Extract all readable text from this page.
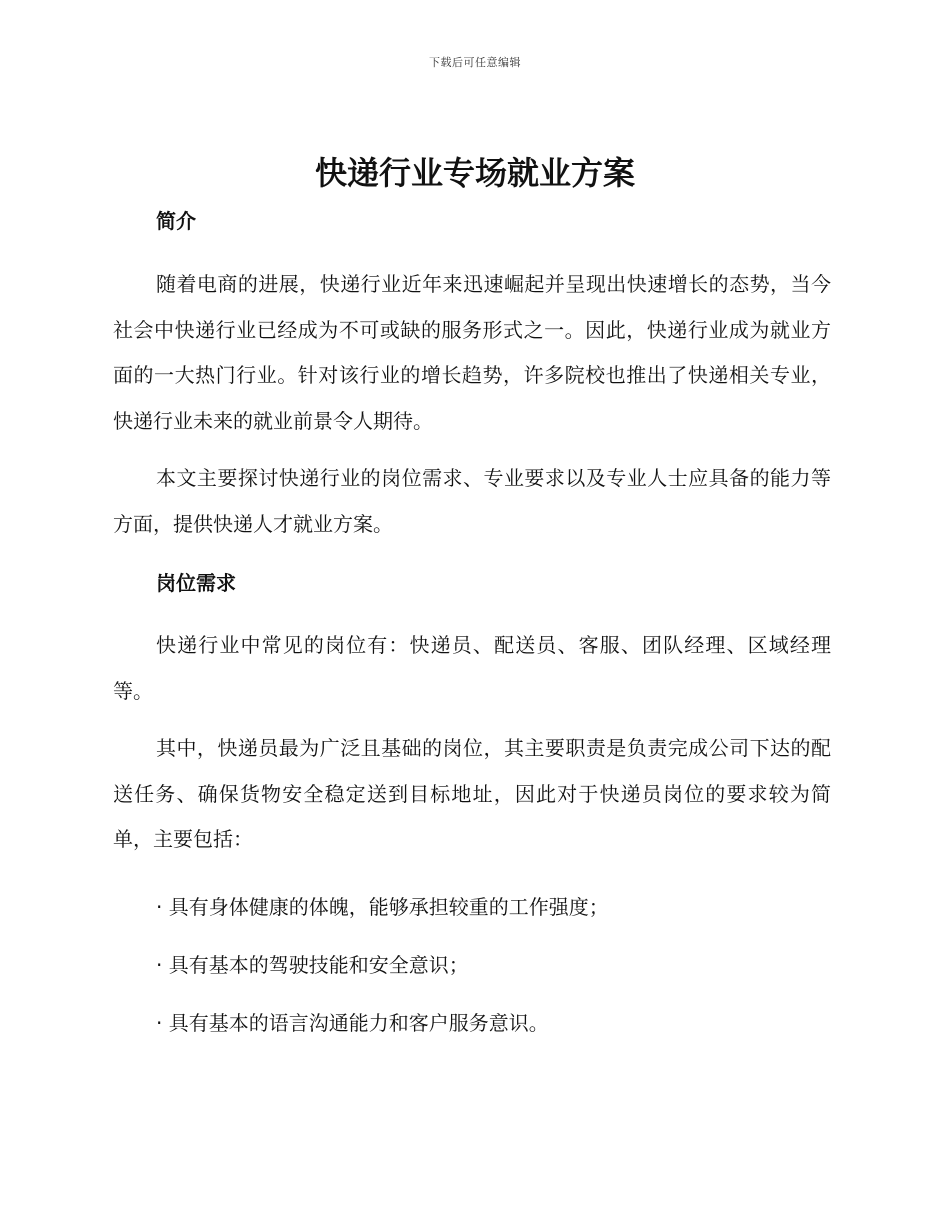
下载后可任意编辑
快递行业专场就业方案
简介

随着电商的进展，快递行业近年来迅速崛起并呈现出快速增长的态势，当今社会中快递行业已经成为不可或缺的服务形式之一。因此，快递行业成为就业方面的一大热门行业。针对该行业的增长趋势，许多院校也推出了快递相关专业，快递行业未来的就业前景令人期待。

本文主要探讨快递行业的岗位需求、专业要求以及专业人士应具备的能力等方面，提供快递人才就业方案。

岗位需求

快递行业中常见的岗位有：快递员、配送员、客服、团队经理、区域经理等。

其中，快递员最为广泛且基础的岗位，其主要职责是负责完成公司下达的配送任务、确保货物安全稳定送到目标地址，因此对于快递员岗位的要求较为简单，主要包括：

· 具有身体健康的体魄，能够承担较重的工作强度；

· 具有基本的驾驶技能和安全意识；

· 具有基本的语言沟通能力和客户服务意识。
